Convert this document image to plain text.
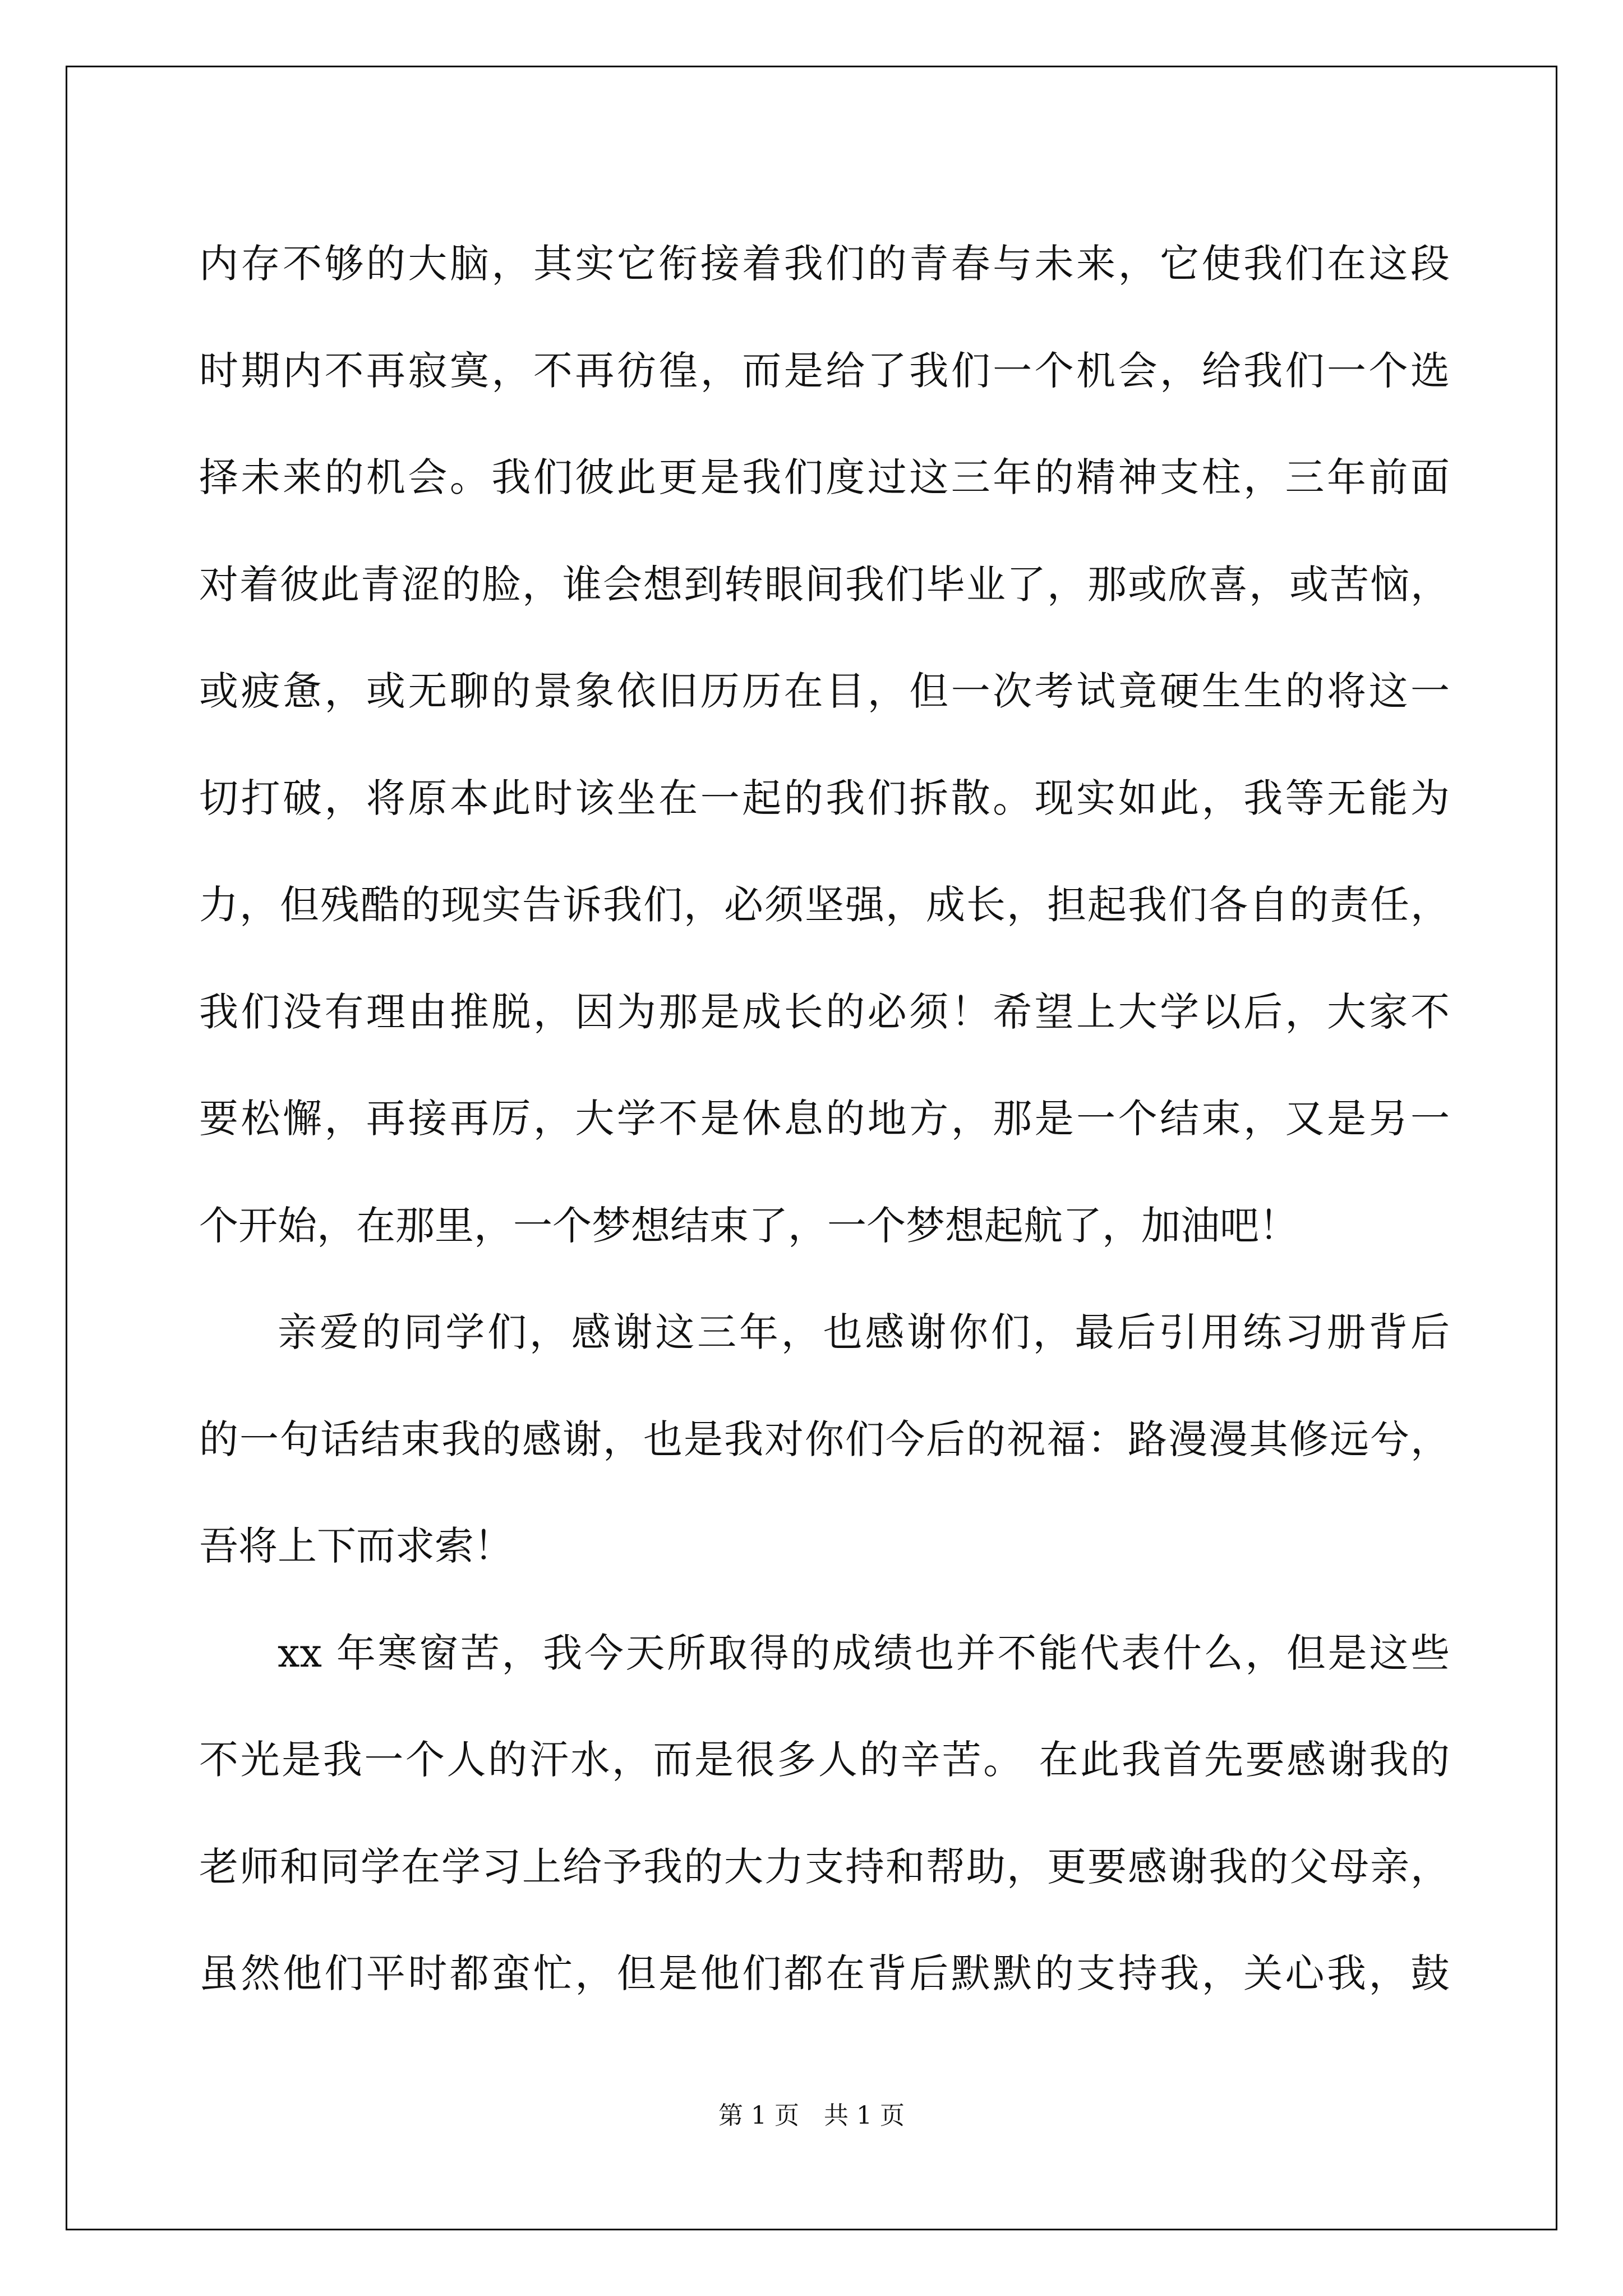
内存不够的大脑，其实它衔接着我们的青春与未来，它使我们在这段
时期内不再寂寞，不再彷徨，而是给了我们一个机会，给我们一个选
择未来的机会。我们彼此更是我们度过这三年的精神支柱，三年前面
对着彼此青涩的脸，谁会想到转眼间我们毕业了，那或欣喜，或苦恼，
或疲惫，或无聊的景象依旧历历在目，但一次考试竟硬生生的将这一
切打破，将原本此时该坐在一起的我们拆散。现实如此，我等无能为
力，但残酷的现实告诉我们，必须坚强，成长，担起我们各自的责任，
我们没有理由推脱，因为那是成长的必须！希望上大学以后，大家不
要松懈，再接再厉，大学不是休息的地方，那是一个结束，又是另一
个开始，在那里，一个梦想结束了，一个梦想起航了，加油吧！
亲爱的同学们，感谢这三年，也感谢你们，最后引用练习册背后
的一句话结束我的感谢，也是我对你们今后的祝福：路漫漫其修远兮，
吾将上下而求索！
xx 年寒窗苦，我今天所取得的成绩也并不能代表什么，但是这些
不光是我一个人的汗水，而是很多人的辛苦。 在此我首先要感谢我的
老师和同学在学习上给予我的大力支持和帮助，更要感谢我的父母亲，
虽然他们平时都蛮忙，但是他们都在背后默默的支持我，关心我，鼓
第 1 页　共 1 页
